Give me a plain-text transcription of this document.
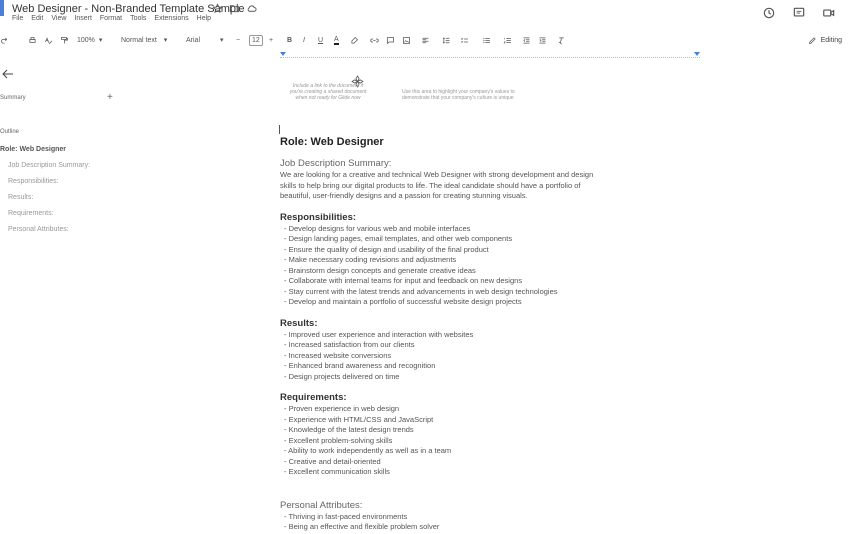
Web Designer - Non-Branded Template Sample
File Edit View Insert Format Tools Extensions Help
100% ▾	Normal text ▾	Arial	▾ −	12	+ B I U A	Editing
Summary	+
Outline
Role: Web Designer
Job Description Summary:
Responsibilities:
Results:
Requirements:
Personal Attributes:
Include a link to the document if you're creating a shared document when not ready for Glide now
Use this area to highlight your company's values to demonstrate that your company's culture is unique
Role: Web Designer
Job Description Summary:

We are looking for a creative and technical Web Designer with strong development and design skills to help bring our digital products to life. The ideal candidate should have a portfolio of beautiful, user-friendly designs and a passion for creating stunning visuals.

Responsibilities:
- Develop designs for various web and mobile interfaces
- Design landing pages, email templates, and other web components
- Ensure the quality of design and usability of the final product
- Make necessary coding revisions and adjustments
- Brainstorm design concepts and generate creative ideas
- Collaborate with internal teams for input and feedback on new designs
- Stay current with the latest trends and advancements in web design technologies
- Develop and maintain a portfolio of successful website design projects
Results:
- Improved user experience and interaction with websites
- Increased satisfaction from our clients
- Increased website conversions
- Enhanced brand awareness and recognition
- Design projects delivered on time
Requirements:
- Proven experience in web design
- Experience with HTML/CSS and JavaScript
- Knowledge of the latest design trends
- Excellent problem-solving skills
- Ability to work independently as well as in a team
- Creative and detail-oriented
- Excellent communication skills
Personal Attributes:
- Thriving in fast-paced environments
- Being an effective and flexible problem solver
